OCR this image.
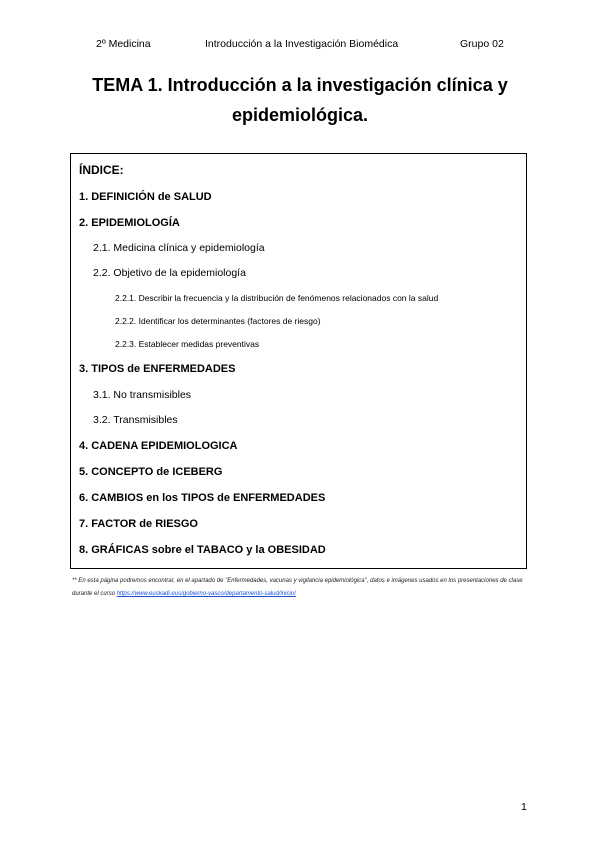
2º Medicina	Introducción a la Investigación Biomédica	Grupo 02
TEMA 1. Introducción a la investigación clínica y
epidemiológica.
ÍNDICE:
1. DEFINICIÓN de SALUD
2. EPIDEMIOLOGÍA
2.1. Medicina clínica y epidemiología
2.2. Objetivo de la epidemiología
2.2.1. Describir la frecuencia y la distribución de fenómenos relacionados con la salud
2.2.2. Identificar los determinantes (factores de riesgo)
2.2.3. Establecer medidas preventivas
3. TIPOS de ENFERMEDADES
3.1. No transmisibles
3.2. Transmisibles
4. CADENA EPIDEMIOLOGICA
5. CONCEPTO de ICEBERG
6. CAMBIOS en los TIPOS de ENFERMEDADES
7. FACTOR de RIESGO
8. GRÁFICAS sobre el TABACO y la OBESIDAD
** En esta página podremos encontrar, en el apartado de "Enfermedades, vacunas y vigilancia epidemiológica", datos e imágenes usados en los presentaciones de clase durante el curso https://www.euskadi.eus/gobierno-vasco/departamento-salud/inicio/
1
